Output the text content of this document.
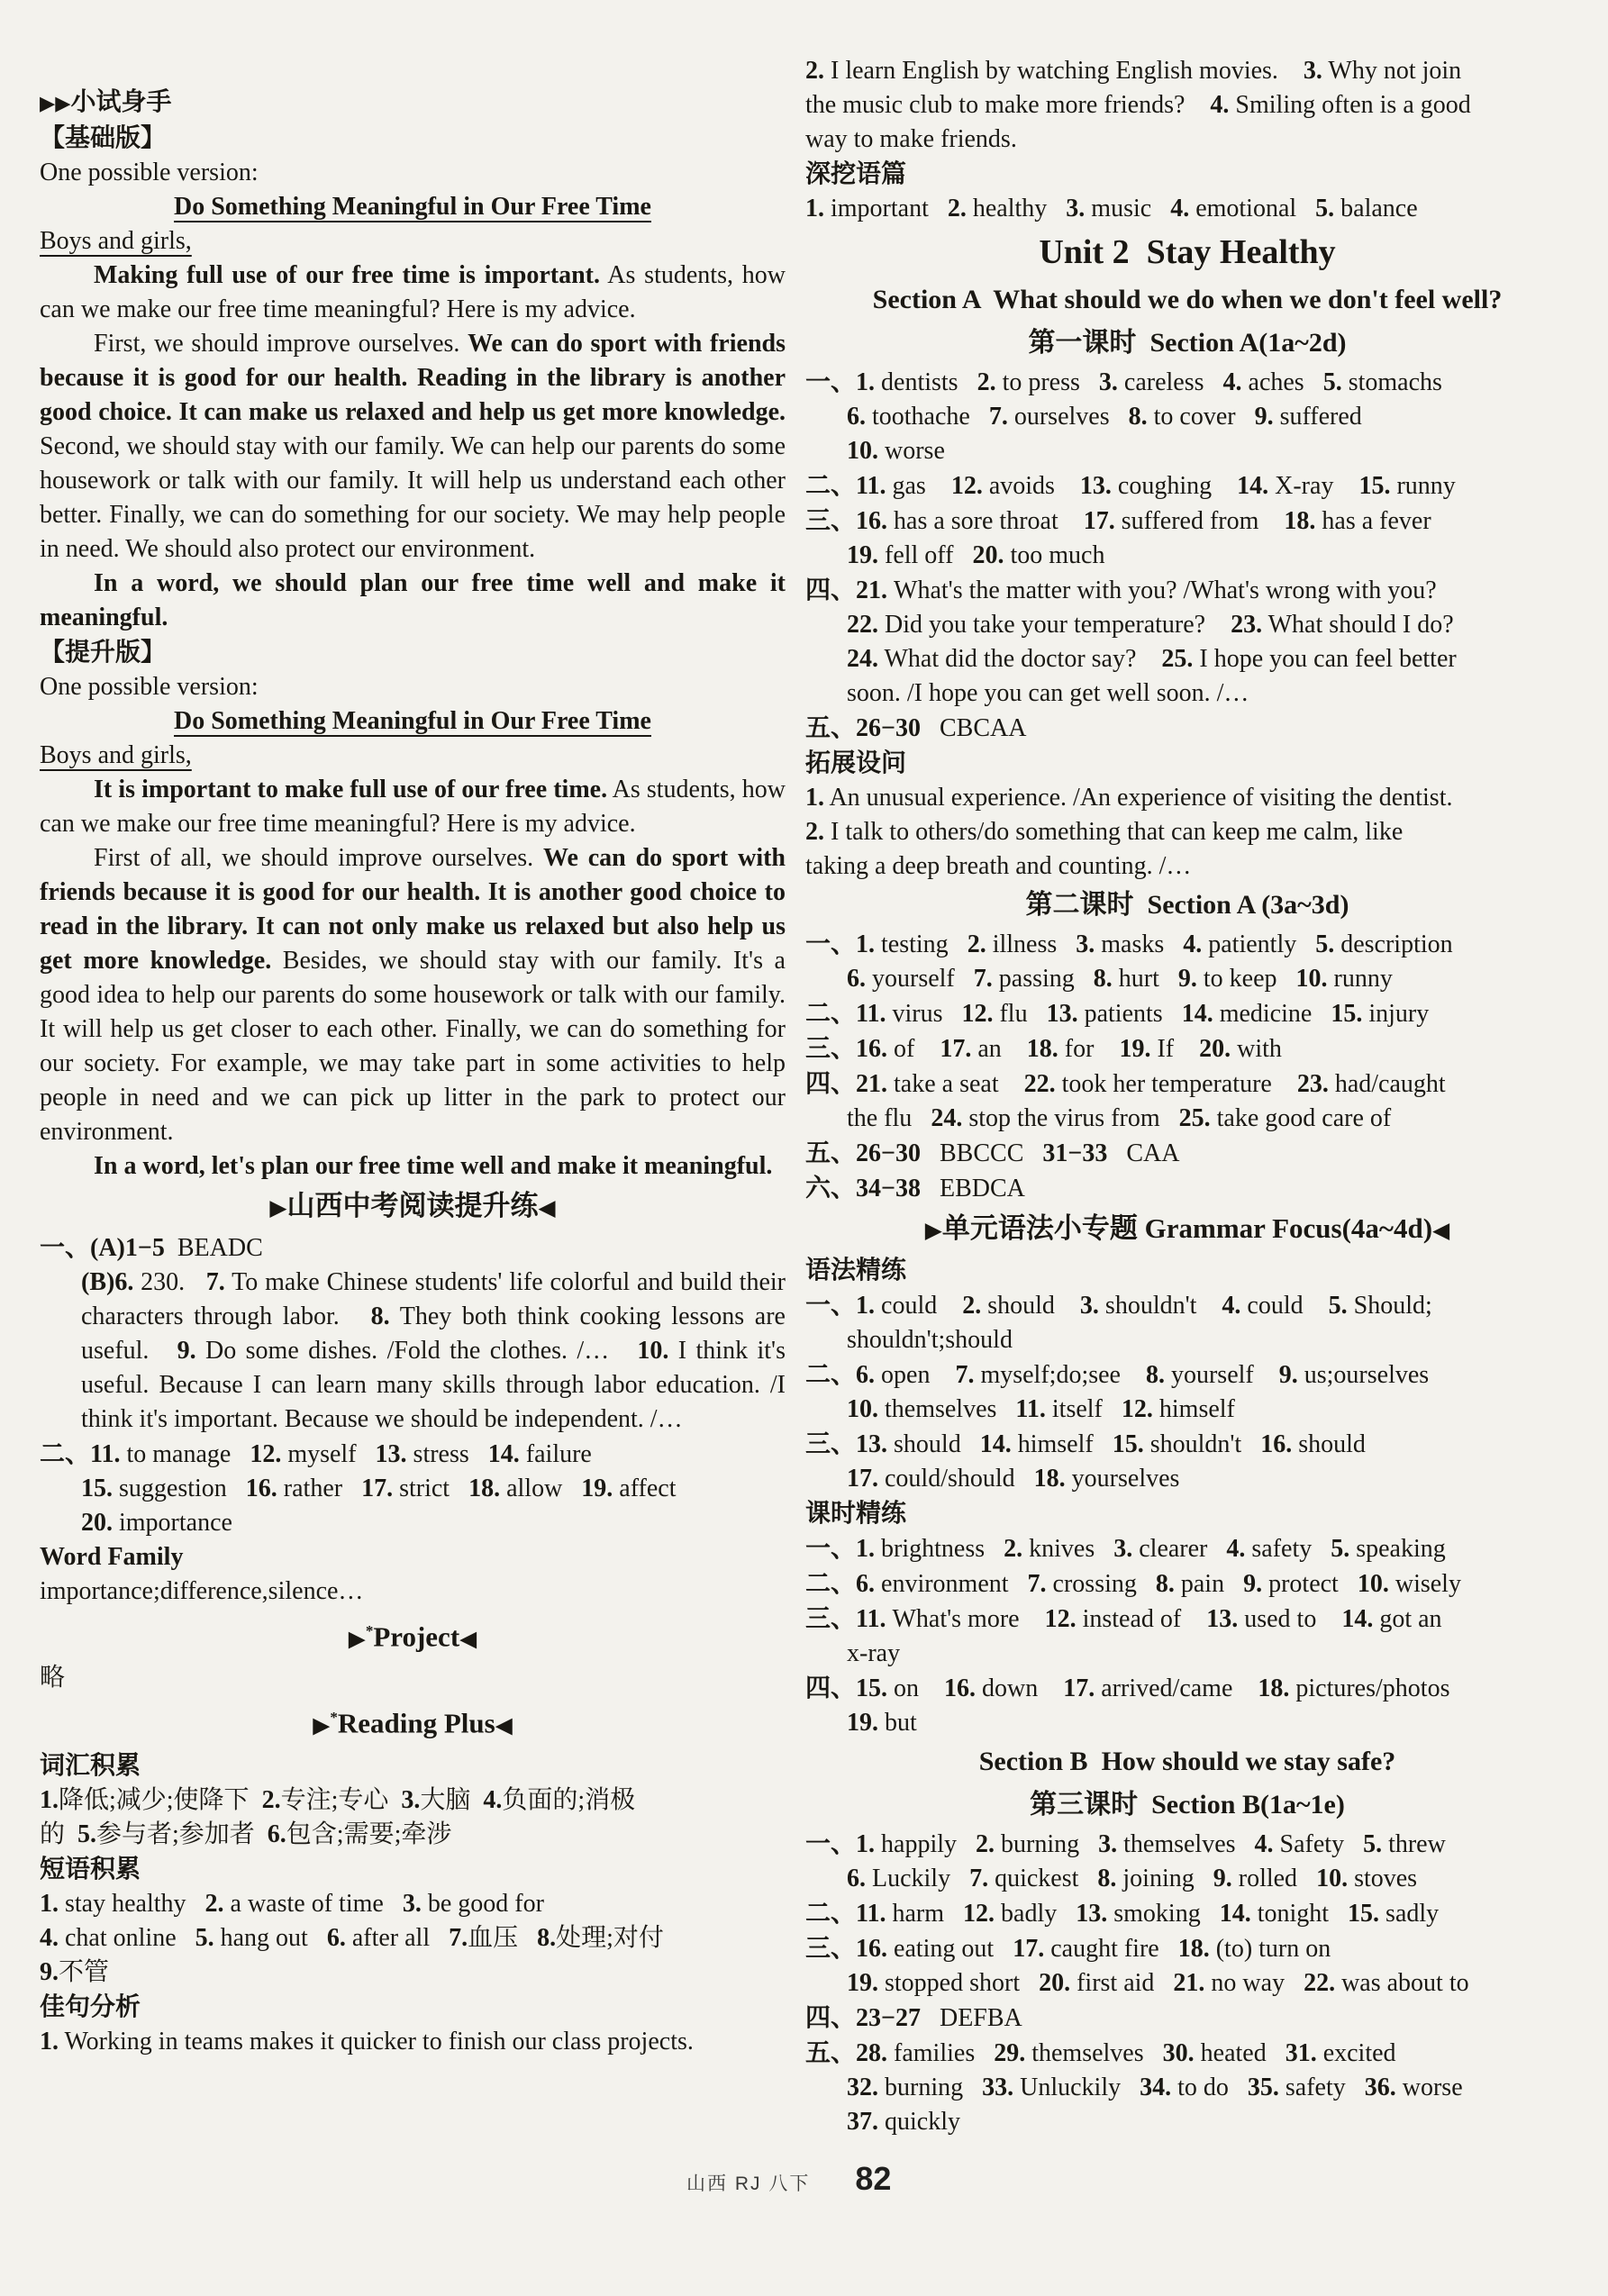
▶▶小试身手
【基础版】
One possible version:
Do Something Meaningful in Our Free Time
Boys and girls,
Making full use of our free time is important. As students, how can we make our free time meaningful? Here is my advice.
First, we should improve ourselves. We can do sport with friends because it is good for our health. Reading in the library is another good choice. It can make us relaxed and help us get more knowledge. Second, we should stay with our family. We can help our parents do some housework or talk with our family. It will help us understand each other better. Finally, we can do something for our society. We may help people in need. We should also protect our environment.
In a word, we should plan our free time well and make it meaningful.
【提升版】
One possible version:
Do Something Meaningful in Our Free Time
Boys and girls,
It is important to make full use of our free time. As students, how can we make our free time meaningful? Here is my advice.
First of all, we should improve ourselves. We can do sport with friends because it is good for our health. It is another good choice to read in the library. It can not only make us relaxed but also help us get more knowledge. Besides, we should stay with our family. It's a good idea to help our parents do some housework or talk with our family. It will help us get closer to each other. Finally, we can do something for our society. For example, we may take part in some activities to help people in need and we can pick up litter in the park to protect our environment.
In a word, let's plan our free time well and make it meaningful.
▶山西中考阅读提升练◀
一、(A)1−5  BEADC
(B)6. 230.   7. To make Chinese students' life colorful and build their characters through labor.   8. They both think cooking lessons are useful.   9. Do some dishes. /Fold the clothes. /…   10. I think it's useful. Because I can learn many skills through labor education. /I think it's important. Because we should be independent. /…
二、11. to manage   12. myself   13. stress   14. failure
15. suggestion   16. rather   17. strict   18. allow   19. affect
20. importance
Word Family
importance;difference,silence…
▶*Project◀
略
▶*Reading Plus◀
词汇积累
1.降低;减少;使降下  2.专注;专心  3.大脑  4.负面的;消极
的  5.参与者;参加者  6.包含;需要;牵涉
短语积累
1. stay healthy   2. a waste of time   3. be good for
4. chat online   5. hang out   6. after all   7.血压   8.处理;对付
9.不管
佳句分析
1. Working in teams makes it quicker to finish our class projects.
2. I learn English by watching English movies.    3. Why not join
the music club to make more friends?    4. Smiling often is a good
way to make friends.
深挖语篇
1. important   2. healthy   3. music   4. emotional   5. balance
Unit 2  Stay Healthy
Section A  What should we do when we don't feel well?
第一课时 Section A(1a~2d)
一、1. dentists   2. to press   3. careless   4. aches   5. stomachs
6. toothache   7. ourselves   8. to cover   9. suffered
10. worse
二、11. gas    12. avoids    13. coughing    14. X-ray    15. runny
三、16. has a sore throat    17. suffered from    18. has a fever
19. fell off   20. too much
四、21. What's the matter with you? /What's wrong with you?
22. Did you take your temperature?    23. What should I do?
24. What did the doctor say?    25. I hope you can feel better
soon. /I hope you can get well soon. /…
五、26−30   CBCAA
拓展设问
1. An unusual experience. /An experience of visiting the dentist.
2. I talk to others/do something that can keep me calm, like
taking a deep breath and counting. /…
第二课时 Section A (3a~3d)
一、1. testing   2. illness   3. masks   4. patiently   5. description
6. yourself   7. passing   8. hurt   9. to keep   10. runny
二、11. virus   12. flu   13. patients   14. medicine   15. injury
三、16. of    17. an    18. for    19. If    20. with
四、21. take a seat    22. took her temperature    23. had/caught
the flu   24. stop the virus from   25. take good care of
五、26−30   BBCCC   31−33   CAA
六、34−38   EBDCA
▶单元语法小专题 Grammar Focus(4a~4d)◀
语法精练
一、1. could    2. should    3. shouldn't    4. could    5. Should;
shouldn't;should
二、6. open    7. myself;do;see    8. yourself    9. us;ourselves
10. themselves   11. itself   12. himself
三、13. should   14. himself   15. shouldn't   16. should
17. could/should   18. yourselves
课时精练
一、1. brightness   2. knives   3. clearer   4. safety   5. speaking
二、6. environment   7. crossing   8. pain   9. protect   10. wisely
三、11. What's more    12. instead of    13. used to    14. got an
x-ray
四、15. on    16. down    17. arrived/came    18. pictures/photos
19. but
Section B  How should we stay safe?
第三课时 Section B(1a~1e)
一、1. happily   2. burning   3. themselves   4. Safety   5. threw
6. Luckily   7. quickest   8. joining   9. rolled   10. stoves
二、11. harm   12. badly   13. smoking   14. tonight   15. sadly
三、16. eating out   17. caught fire   18. (to) turn on
19. stopped short   20. first aid   21. no way   22. was about to
四、23−27   DEFBA
五、28. families   29. themselves   30. heated   31. excited
32. burning   33. Unluckily   34. to do   35. safety   36. worse
37. quickly
山西 RJ 八下 82
